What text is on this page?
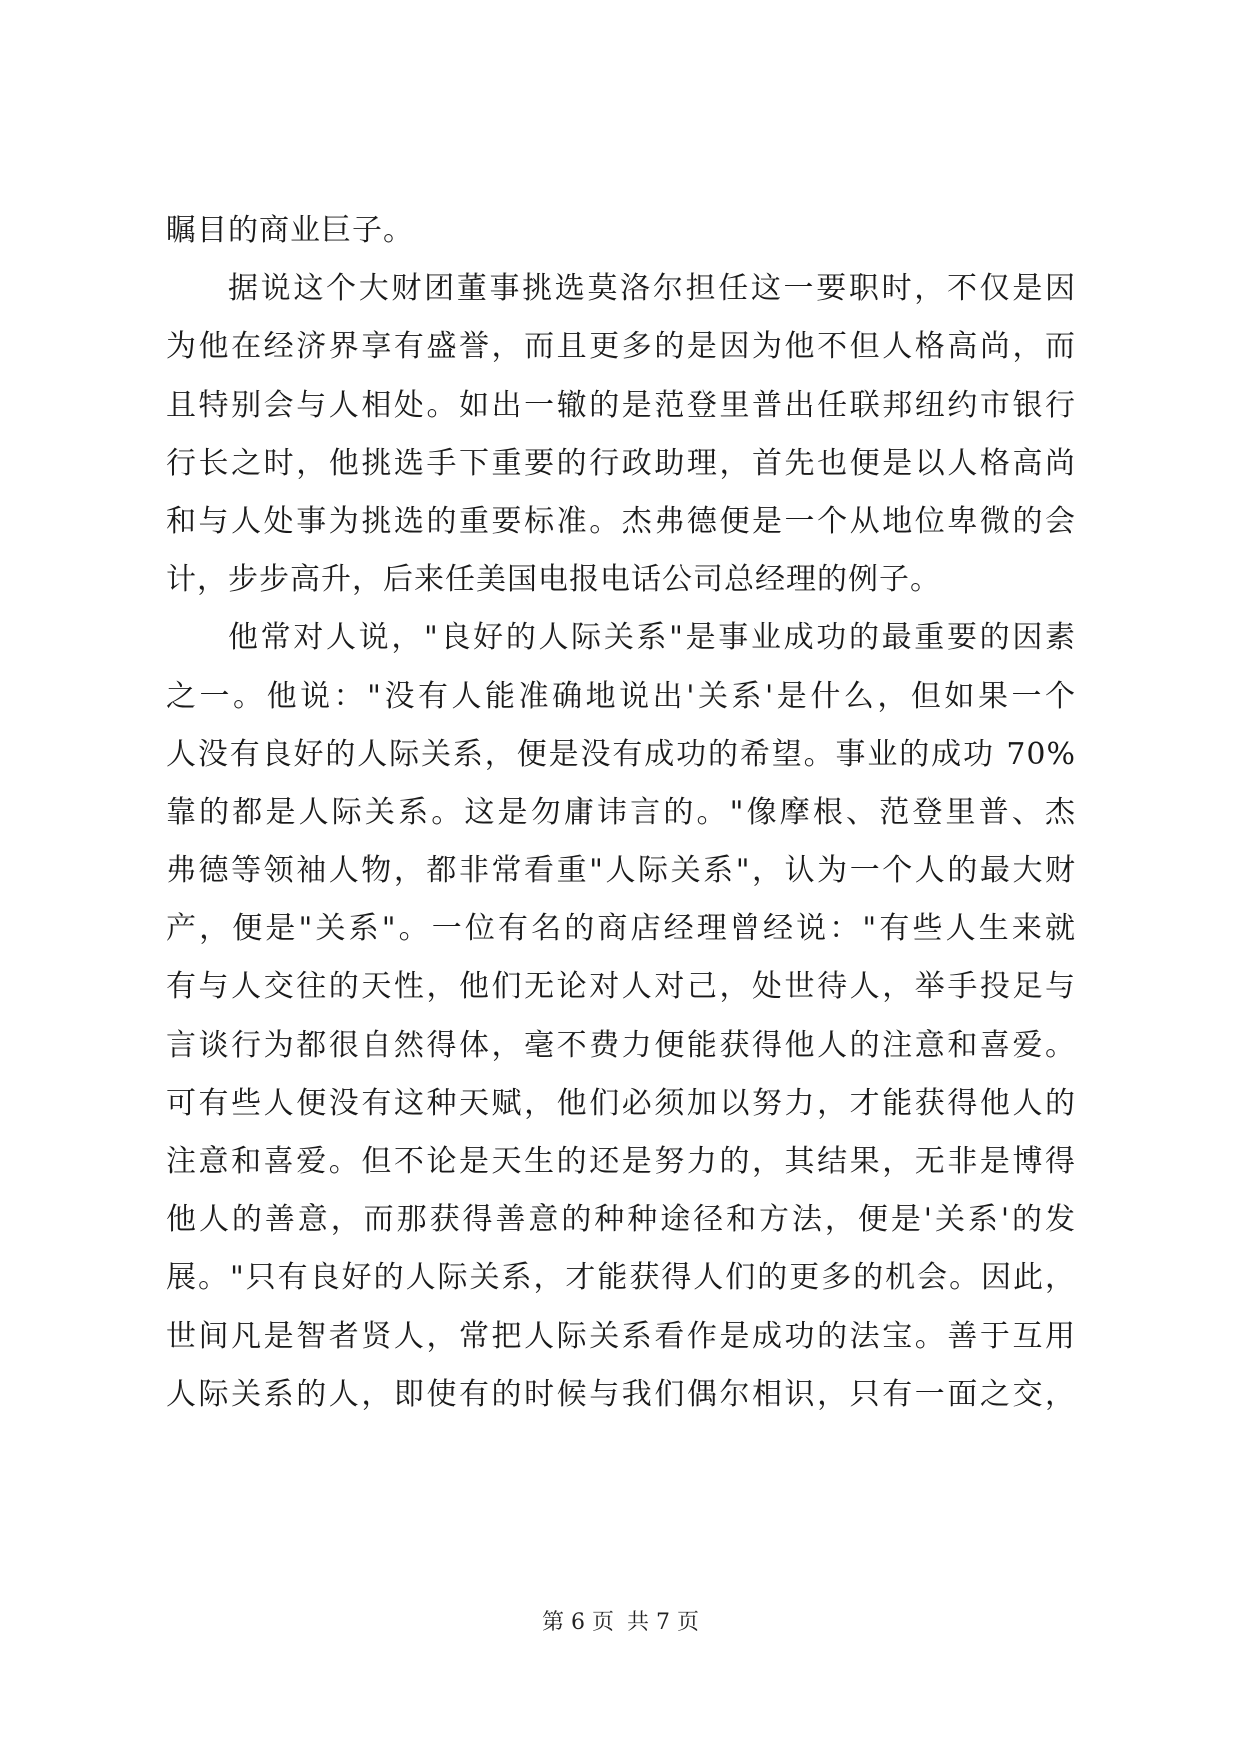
瞩目的商业巨子。
据说这个大财团董事挑选莫洛尔担任这一要职时，不仅是因
为他在经济界享有盛誉，而且更多的是因为他不但人格高尚，而
且特别会与人相处。如出一辙的是范登里普出任联邦纽约市银行
行长之时，他挑选手下重要的行政助理，首先也便是以人格高尚
和与人处事为挑选的重要标准。杰弗德便是一个从地位卑微的会
计，步步高升，后来任美国电报电话公司总经理的例子。
他常对人说，"良好的人际关系"是事业成功的最重要的因素
之一。他说："没有人能准确地说出'关系'是什么，但如果一个
人没有良好的人际关系，便是没有成功的希望。事业的成功 70%
靠的都是人际关系。这是勿庸讳言的。"像摩根、范登里普、杰
弗德等领袖人物，都非常看重"人际关系"，认为一个人的最大财
产，便是"关系"。一位有名的商店经理曾经说："有些人生来就
有与人交往的天性，他们无论对人对己，处世待人，举手投足与
言谈行为都很自然得体，毫不费力便能获得他人的注意和喜爱。
可有些人便没有这种天赋，他们必须加以努力，才能获得他人的
注意和喜爱。但不论是天生的还是努力的，其结果，无非是博得
他人的善意，而那获得善意的种种途径和方法，便是'关系'的发
展。"只有良好的人际关系，才能获得人们的更多的机会。因此，
世间凡是智者贤人，常把人际关系看作是成功的法宝。善于互用
人际关系的人，即使有的时候与我们偶尔相识，只有一面之交，
第 6 页 共 7 页
